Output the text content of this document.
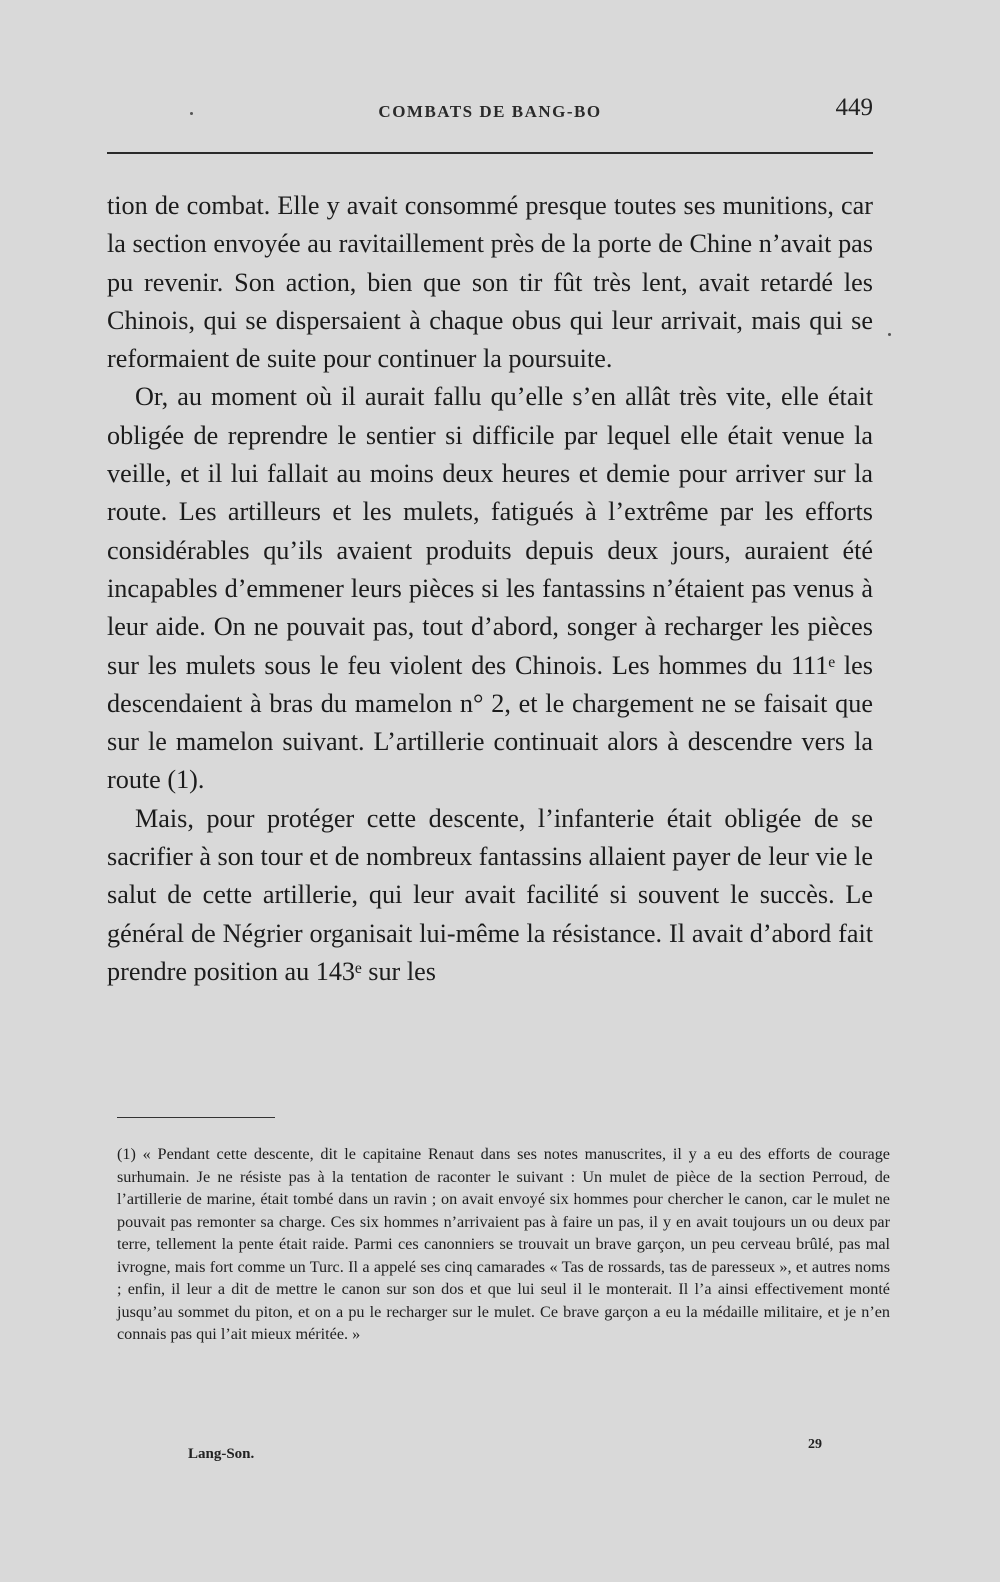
COMBATS DE BANG-BO	449

tion de combat. Elle y avait consommé presque toutes ses munitions, car la section envoyée au ravitaillement près de la porte de Chine n’avait pas pu revenir. Son action, bien que son tir fût très lent, avait retardé les Chinois, qui se dispersaient à chaque obus qui leur arrivait, mais qui se reformaient de suite pour continuer la poursuite.

Or, au moment où il aurait fallu qu’elle s’en allât très vite, elle était obligée de reprendre le sentier si difficile par lequel elle était venue la veille, et il lui fallait au moins deux heures et demie pour arriver sur la route. Les artilleurs et les mulets, fatigués à l’extrême par les efforts considérables qu’ils avaient produits depuis deux jours, auraient été incapables d’emmener leurs pièces si les fantassins n’étaient pas venus à leur aide. On ne pouvait pas, tout d’abord, songer à recharger les pièces sur les mulets sous le feu violent des Chinois. Les hommes du 111ᵉ les descendaient à bras du mamelon n° 2, et le chargement ne se faisait que sur le mamelon suivant. L’artillerie continuait alors à descendre vers la route (1).

Mais, pour protéger cette descente, l’infanterie était obligée de se sacrifier à son tour et de nombreux fantassins allaient payer de leur vie le salut de cette artillerie, qui leur avait facilité si souvent le succès. Le général de Négrier organisait lui-même la résistance. Il avait d’abord fait prendre position au 143ᵉ sur les

(1) « Pendant cette descente, dit le capitaine Renaut dans ses notes manuscrites, il y a eu des efforts de courage surhumain. Je ne résiste pas à la tentation de raconter le suivant : Un mulet de pièce de la section Perroud, de l’artillerie de marine, était tombé dans un ravin ; on avait envoyé six hommes pour chercher le canon, car le mulet ne pouvait pas remonter sa charge. Ces six hommes n’arrivaient pas à faire un pas, il y en avait toujours un ou deux par terre, tellement la pente était raide. Parmi ces canonniers se trouvait un brave garçon, un peu cerveau brûlé, pas mal ivrogne, mais fort comme un Turc. Il a appelé ses cinq camarades « Tas de rossards, tas de paresseux », et autres noms ; enfin, il leur a dit de mettre le canon sur son dos et que lui seul il le monterait. Il l’a ainsi effectivement monté jusqu’au sommet du piton, et on a pu le recharger sur le mulet. Ce brave garçon a eu la médaille militaire, et je n’en connais pas qui l’ait mieux méritée. »

Lang-Son.
29
